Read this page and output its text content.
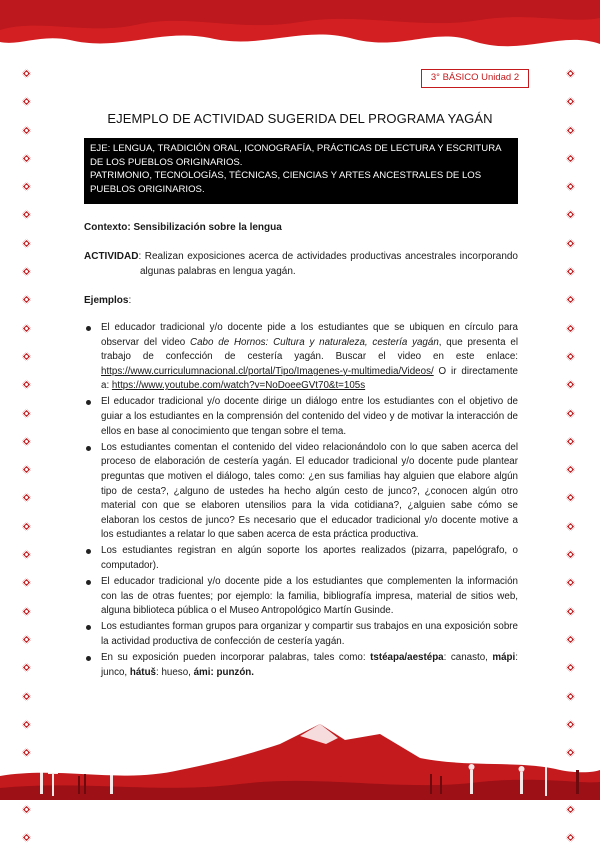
3° BÁSICO Unidad 2
EJEMPLO DE ACTIVIDAD SUGERIDA DEL PROGRAMA YAGÁN
EJE: LENGUA, TRADICIÓN ORAL, ICONOGRAFÍA, PRÁCTICAS DE LECTURA Y ESCRITURA DE LOS PUEBLOS ORIGINARIOS.
PATRIMONIO, TECNOLOGÍAS, TÉCNICAS, CIENCIAS Y ARTES ANCESTRALES DE LOS PUEBLOS ORIGINARIOS.
Contexto: Sensibilización sobre la lengua
ACTIVIDAD: Realizan exposiciones acerca de actividades productivas ancestrales incorporando
algunas palabras en lengua yagán.
Ejemplos:
El educador tradicional y/o docente pide a los estudiantes que se ubiquen en círculo para observar del video Cabo de Hornos: Cultura y naturaleza, cestería yagán, que presenta el trabajo de confección de cestería yagán. Buscar el video en este enlace: https://www.curriculumnacional.cl/portal/Tipo/Imagenes-y-multimedia/Videos/ O ir directamente a: https://www.youtube.com/watch?v=NoDoeeGVt70&t=105s
El educador tradicional y/o docente dirige un diálogo entre los estudiantes con el objetivo de guiar a los estudiantes en la comprensión del contenido del video y de motivar la interacción de ellos en base al conocimiento que tengan sobre el tema.
Los estudiantes comentan el contenido del video relacionándolo con lo que saben acerca del proceso de elaboración de cestería yagán. El educador tradicional y/o docente pude plantear preguntas que motiven el diálogo, tales como: ¿en sus familias hay alguien que elabore algún tipo de cesta?, ¿alguno de ustedes ha hecho algún cesto de junco?, ¿conocen algún otro material con que se elaboren utensilios para la vida cotidiana?, ¿alguien sabe cómo se elaboran los cestos de junco? Es necesario que el educador tradicional y/o docente motive a los estudiantes a relatar lo que saben acerca de esta práctica productiva.
Los estudiantes registran en algún soporte los aportes realizados (pizarra, papelógrafo, o computador).
El educador tradicional y/o docente pide a los estudiantes que complementen la información con las de otras fuentes; por ejemplo: la familia, bibliografía impresa, material de sitios web, alguna biblioteca pública o el Museo Antropológico Martín Gusinde.
Los estudiantes forman grupos para organizar y compartir sus trabajos en una exposición sobre la actividad productiva de confección de cestería yagán.
En su exposición pueden incorporar palabras, tales como: tstéapa/aestépa: canasto, mápi: junco, hátuš: hueso, ámi: punzón.
